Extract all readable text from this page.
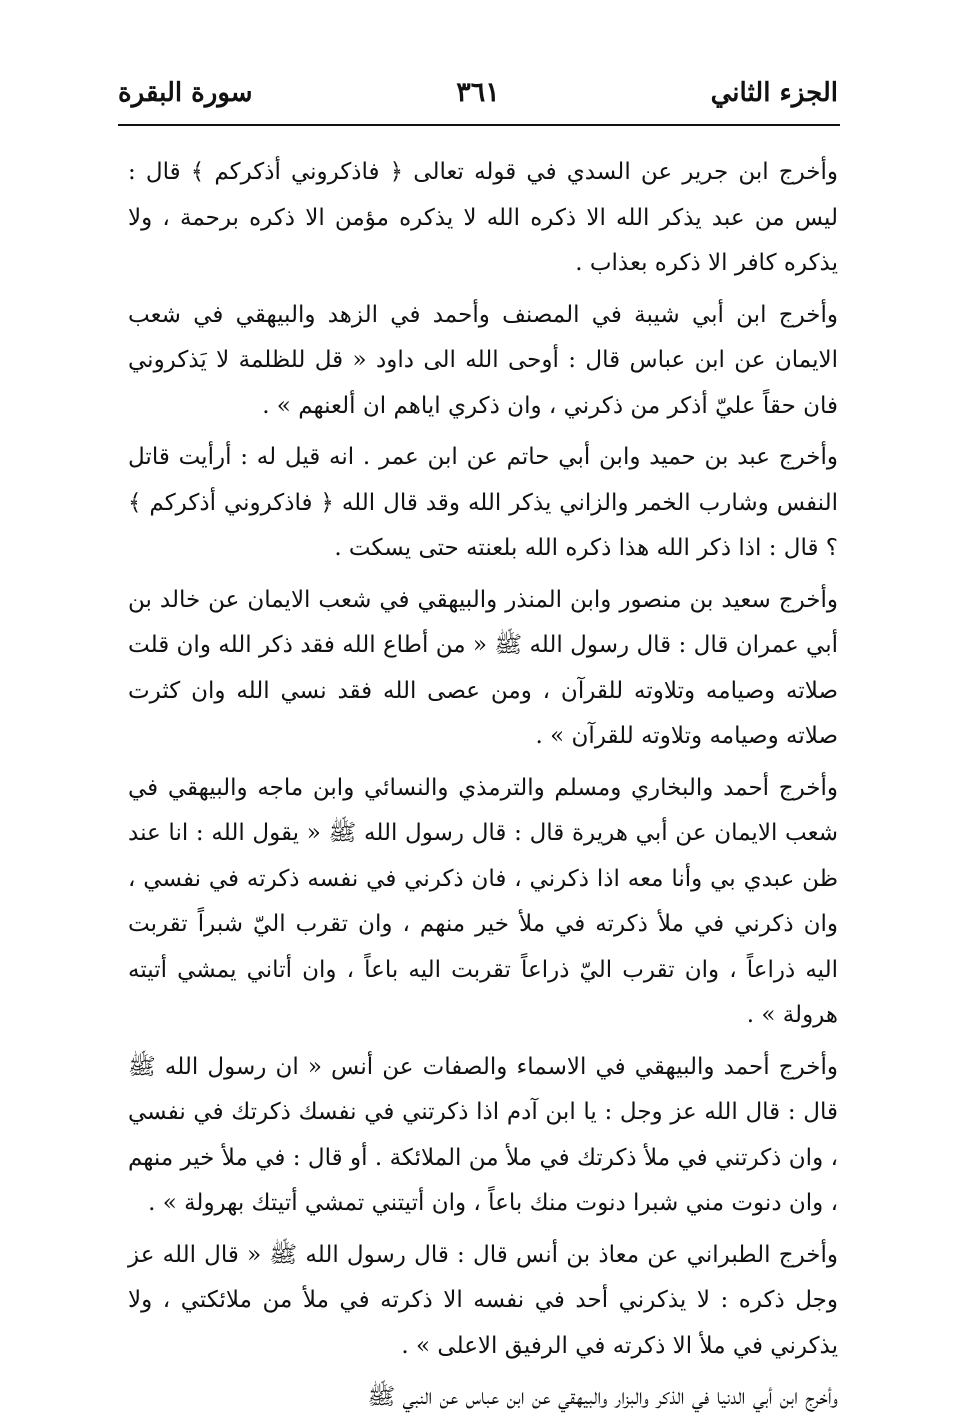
الجزء الثاني
٣٦١
سورة البقرة

وأخرج ابن جرير عن السدي في قوله تعالى ﴿ فاذكروني أذكركم ﴾ قال : ليس من عبد يذكر الله الا ذكره الله لا يذكره مؤمن الا ذكره برحمة ، ولا يذكره كافر الا ذكره بعذاب .

وأخرج ابن أبي شيبة في المصنف وأحمد في الزهد والبيهقي في شعب الايمان عن ابن عباس قال : أوحى الله الى داود « قل للظلمة لا يَذكروني فان حقاً عليّ أذكر من ذكرني ، وان ذكري اياهم ان ألعنهم » .

وأخرج عبد بن حميد وابن أبي حاتم عن ابن عمر . انه قيل له : أرأيت قاتل النفس وشارب الخمر والزاني يذكر الله وقد قال الله ﴿ فاذكروني أذكركم ﴾ ؟ قال : اذا ذكر الله هذا ذكره الله بلعنته حتى يسكت .

وأخرج سعيد بن منصور وابن المنذر والبيهقي في شعب الايمان عن خالد بن أبي عمران قال : قال رسول الله ﷺ « من أطاع الله فقد ذكر الله وان قلت صلاته وصيامه وتلاوته للقرآن ، ومن عصى الله فقد نسي الله وان كثرت صلاته وصيامه وتلاوته للقرآن » .

وأخرج أحمد والبخاري ومسلم والترمذي والنسائي وابن ماجه والبيهقي في شعب الايمان عن أبي هريرة قال : قال رسول الله ﷺ « يقول الله : انا عند ظن عبدي بي وأنا معه اذا ذكرني ، فان ذكرني في نفسه ذكرته في نفسي ، وان ذكرني في ملأ ذكرته في ملأ خير منهم ، وان تقرب اليّ شبراً تقربت اليه ذراعاً ، وان تقرب اليّ ذراعاً تقربت اليه باعاً ، وان أتاني يمشي أتيته هرولة » .

وأخرج أحمد والبيهقي في الاسماء والصفات عن أنس « ان رسول الله ﷺ قال : قال الله عز وجل : يا ابن آدم اذا ذكرتني في نفسك ذكرتك في نفسي ، وان ذكرتني في ملأ ذكرتك في ملأ من الملائكة . أو قال : في ملأ خير منهم ، وان دنوت مني شبرا دنوت منك باعاً ، وان أتيتني تمشي أتيتك بهرولة » .

وأخرج الطبراني عن معاذ بن أنس قال : قال رسول الله ﷺ « قال الله عز وجل ذكره : لا يذكرني أحد في نفسه الا ذكرته في ملأ من ملائكتي ، ولا يذكرني في ملأ الا ذكرته في الرفيق الاعلى » .

وأخرج ابن أبي الدنيا في الذكر والبزار والبيهقي عن ابن عباس عن النبي ﷺ
